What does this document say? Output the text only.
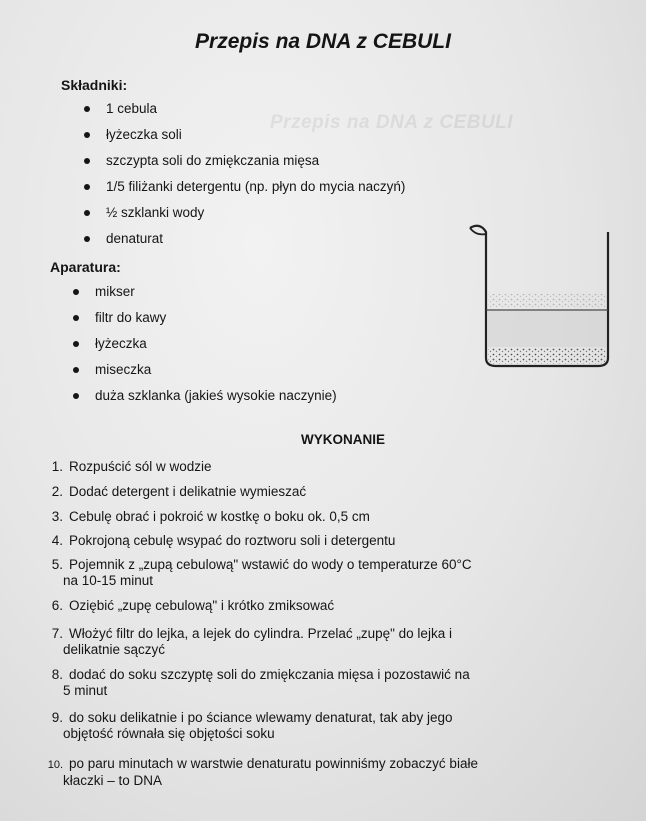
Przepis na DNA z CEBULI
Przepis na DNA z CEBULI
Składniki:
1 cebula
łyżeczka soli
szczypta soli do zmiękczania mięsa
1/5 filiżanki detergentu (np. płyn do mycia naczyń)
½ szklanki wody
denaturat
Aparatura:
mikser
filtr do kawy
łyżeczka
miseczka
duża szklanka (jakieś wysokie naczynie)
WYKONANIE
1. Rozpuścić sól w wodzie
2. Dodać detergent i delikatnie wymieszać
3. Cebulę obrać i pokroić w kostkę o boku ok. 0,5 cm
4. Pokrojoną cebulę wsypać do roztworu soli i detergentu
5. Pojemnik z „zupą cebulową" wstawić do wody o temperaturze 60°C
na 10-15 minut
6. Oziębić „zupę cebulową" i krótko zmiksować
7. Włożyć filtr do lejka, a lejek do cylindra. Przelać „zupę" do lejka i
delikatnie sączyć
8. dodać do soku szczyptę soli do zmiękczania mięsa i pozostawić na
5 minut
9. do soku delikatnie i po ściance wlewamy denaturat, tak aby jego
objętość równała się objętości soku
10. po paru minutach w warstwie denaturatu powinniśmy zobaczyć białe
kłaczki – to DNA
